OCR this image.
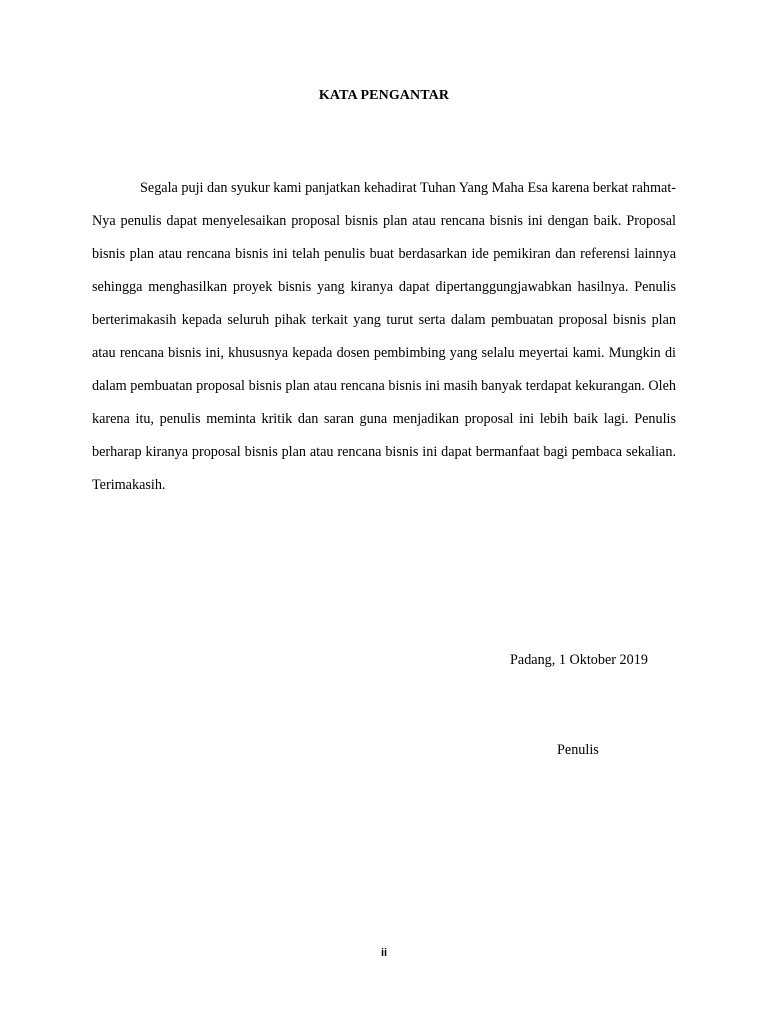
KATA PENGANTAR

Segala puji dan syukur kami panjatkan kehadirat Tuhan Yang Maha Esa karena berkat rahmat-Nya penulis dapat menyelesaikan proposal bisnis plan atau rencana bisnis ini dengan baik. Proposal bisnis plan atau rencana bisnis ini telah penulis buat berdasarkan ide pemikiran dan referensi lainnya sehingga menghasilkan proyek bisnis yang kiranya dapat dipertanggungjawabkan hasilnya. Penulis berterimakasih kepada seluruh pihak terkait yang turut serta dalam pembuatan proposal bisnis plan atau rencana bisnis ini, khususnya kepada dosen pembimbing yang selalu meyertai kami. Mungkin di dalam pembuatan proposal bisnis plan atau rencana bisnis ini masih banyak terdapat kekurangan. Oleh karena itu, penulis meminta kritik dan saran guna menjadikan proposal ini lebih baik lagi. Penulis berharap kiranya proposal bisnis plan atau rencana bisnis ini dapat bermanfaat bagi pembaca sekalian. Terimakasih.

Padang, 1 Oktober 2019
Penulis
ii
